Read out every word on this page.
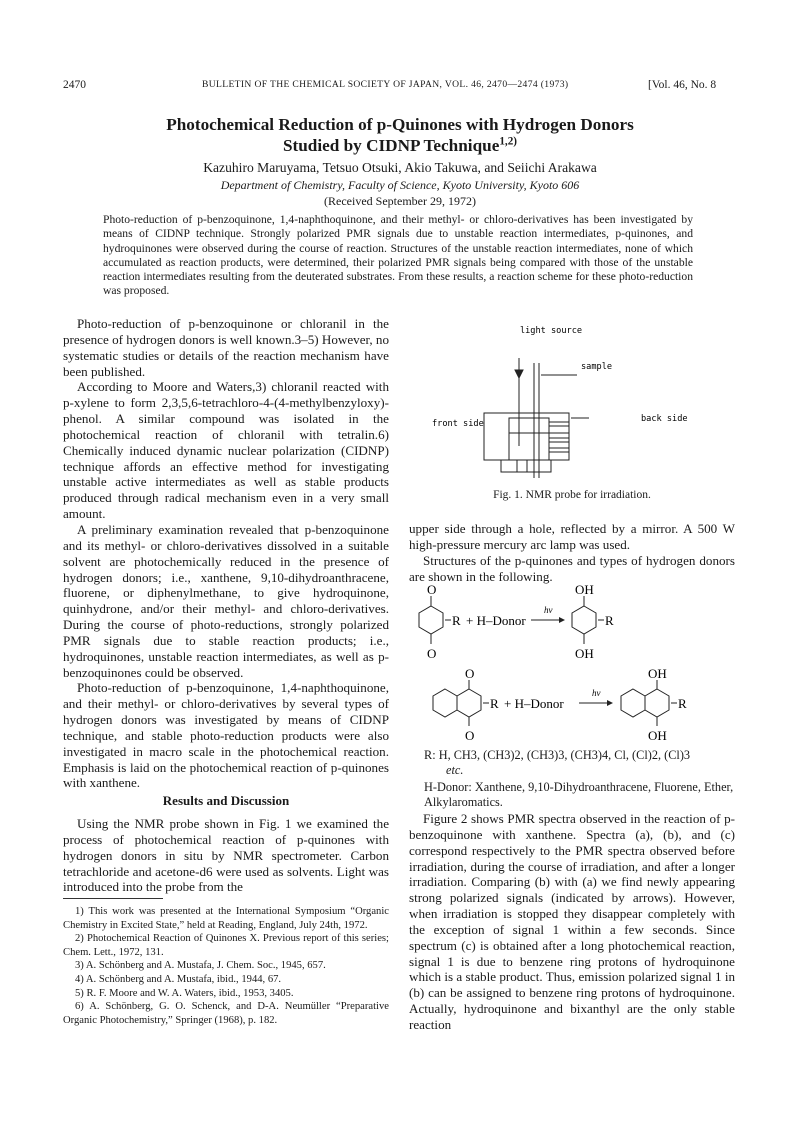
2470	BULLETIN OF THE CHEMICAL SOCIETY OF JAPAN, VOL. 46, 2470—2474 (1973)	[Vol. 46, No. 8
Photochemical Reduction of p-Quinones with Hydrogen Donors
Studied by CIDNP Technique$^{1,2)}$
Kazuhiro Maruyama, Tetsuo Otsuki, Akio Takuwa, and Seiichi Arakawa
Department of Chemistry, Faculty of Science, Kyoto University, Kyoto 606
(Received September 29, 1972)
Photo-reduction of p-benzoquinone, 1,4-naphthoquinone, and their methyl- or chloro-derivatives has been investigated by means of CIDNP technique. Strongly polarized PMR signals due to unstable reaction intermediates, p-quinones, and hydroquinones were observed during the course of reaction. Structures of the unstable reaction intermediates, none of which accumulated as reaction products, were determined, their polarized PMR signals being compared with those of the unstable reaction intermediates resulting from the deuterated substrates. From these results, a reaction scheme for these photo-reduction was proposed.

Photo-reduction of p-benzoquinone or chloranil in the presence of hydrogen donors is well known.3–5) However, no systematic studies or details of the reaction mechanism have been published.

According to Moore and Waters,3) chloranil reacted with p-xylene to form 2,3,5,6-tetrachloro-4-(4-methylbenzyloxy)-phenol. A similar compound was isolated in the photochemical reaction of chloranil with tetralin.6) Chemically induced dynamic nuclear polarization (CIDNP) technique affords an effective method for investigating unstable active intermediates as well as stable products produced through radical mechanism even in a very small amount.

A preliminary examination revealed that p-benzoquinone and its methyl- or chloro-derivatives dissolved in a suitable solvent are photochemically reduced in the presence of hydrogen donors; i.e., xanthene, 9,10-dihydroanthracene, fluorene, or diphenylmethane, to give hydroquinone, quinhydrone, and/or their methyl- and chloro-derivatives. During the course of photo-reductions, strongly polarized PMR signals due to stable reaction products; i.e., hydroquinones, unstable reaction intermediates, as well as p-benzoquinones could be observed.

Photo-reduction of p-benzoquinone, 1,4-naphthoquinone, and their methyl- or chloro-derivatives by several types of hydrogen donors was investigated by means of CIDNP technique, and stable photo-reduction products were also investigated in macro scale in the photochemical reaction. Emphasis is laid on the photochemical reaction of p-quinones with xanthene.

Results and Discussion

Using the NMR probe shown in Fig. 1 we examined the process of photochemical reaction of p-quinones with hydrogen donors in situ by NMR spectrometer. Carbon tetrachloride and acetone-d6 were used as solvents. Light was introduced into the probe from the

1) This work was presented at the International Symposium “Organic Chemistry in Excited State,” held at Reading, England, July 24th, 1972.

2) Photochemical Reaction of Quinones X. Previous report of this series; Chem. Lett., 1972, 131.

3) A. Schönberg and A. Mustafa, J. Chem. Soc., 1945, 657.

4) A. Schönberg and A. Mustafa, ibid., 1944, 67.

5) R. F. Moore and W. A. Waters, ibid., 1953, 3405.

6) A. Schönberg, G. O. Schenck, and D-A. Neumüller “Preparative Organic Photochemistry,” Springer (1968), p. 182.

light source
sample
front side	back side
Fig. 1. NMR probe for irradiation.

upper side through a hole, reflected by a mirror. A 500 W high-pressure mercury arc lamp was used.

Structures of the p-quinones and types of hydrogen donors are shown in the following.

O
O
R + H–Donor
hν
OH
OH
R
O
O
R + H–Donor
hν
OH
OH
R
R: H, CH3, (CH3)2, (CH3)3, (CH3)4, Cl, (Cl)2, (Cl)3
etc.
H-Donor: Xanthene, 9,10-Dihydroanthracene, Fluorene, Ether, Alkylaromatics.

Figure 2 shows PMR spectra observed in the reaction of p-benzoquinone with xanthene. Spectra (a), (b), and (c) correspond respectively to the PMR spectra observed before irradiation, during the course of irradiation, and after a longer irradiation. Comparing (b) with (a) we find newly appearing strong polarized signals (indicated by arrows). However, when irradiation is stopped they disappear completely with the exception of signal 1 within a few seconds. Since spectrum (c) is obtained after a long photochemical reaction, signal 1 is due to benzene ring protons of hydroquinone which is a stable product. Thus, emission polarized signal 1 in (b) can be assigned to benzene ring protons of hydroquinone. Actually, hydroquinone and bixanthyl are the only stable reaction
